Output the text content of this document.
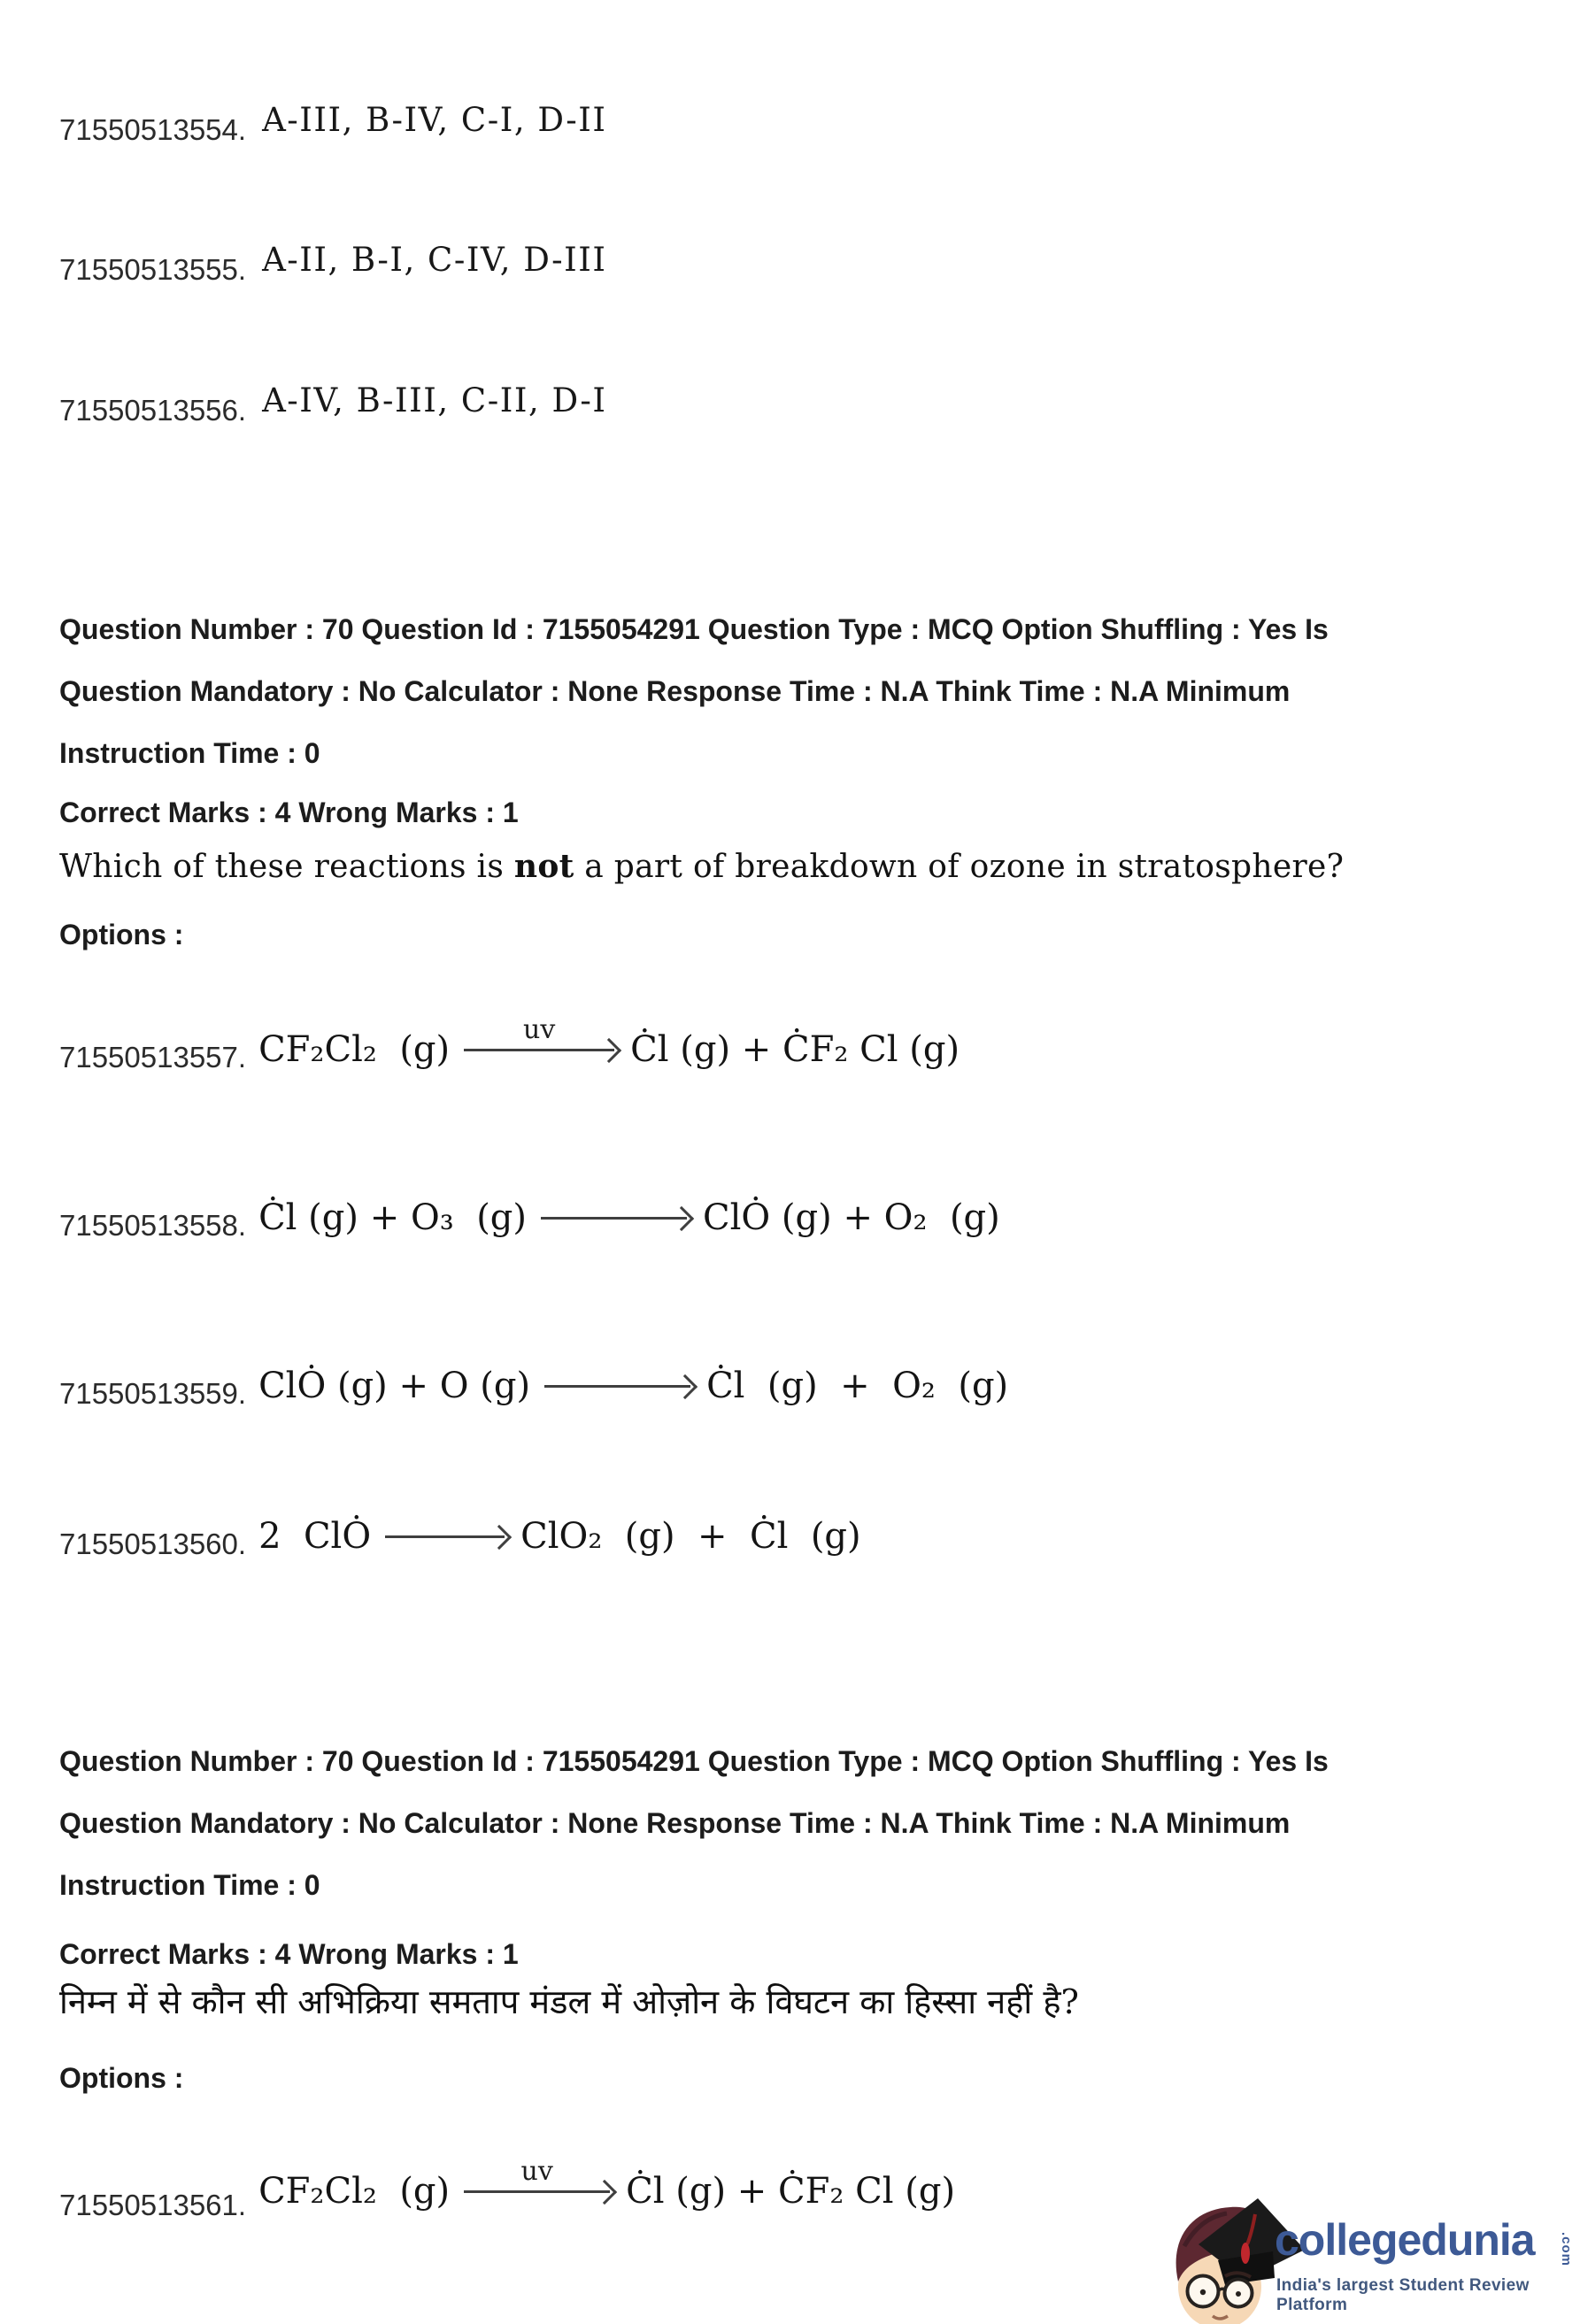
71550513554. A-III, B-IV, C-I, D-II
71550513555. A-II, B-I, C-IV, D-III
71550513556. A-IV, B-III, C-II, D-I
Question Number : 70 Question Id : 7155054291 Question Type : MCQ Option Shuffling : Yes Is
Question Mandatory : No Calculator : None Response Time : N.A Think Time : N.A Minimum
Instruction Time : 0
Correct Marks : 4 Wrong Marks : 1
Which of these reactions is not a part of breakdown of ozone in stratosphere?
Options :
71550513557. CF₂Cl₂  (g)	uv Ċl (g) + ĊF₂ Cl (g)
71550513558. Ċl (g) + O₃  (g)	ClȮ (g) + O₂  (g)
71550513559. ClȮ (g) + O (g)	Ċl  (g)  +  O₂  (g)
71550513560. 2  ClȮ	ClO₂  (g)  +  Ċl  (g)
Question Number : 70 Question Id : 7155054291 Question Type : MCQ Option Shuffling : Yes Is
Question Mandatory : No Calculator : None Response Time : N.A Think Time : N.A Minimum
Instruction Time : 0
Correct Marks : 4 Wrong Marks : 1
निम्न में से कौन सी अभिक्रिया समताप मंडल में ओज़ोन के विघटन का हिस्सा नहीं है?
Options :
71550513561. CF₂Cl₂  (g)	uv Ċl (g) + ĊF₂ Cl (g)
collegedunia .com
India's largest Student Review Platform
